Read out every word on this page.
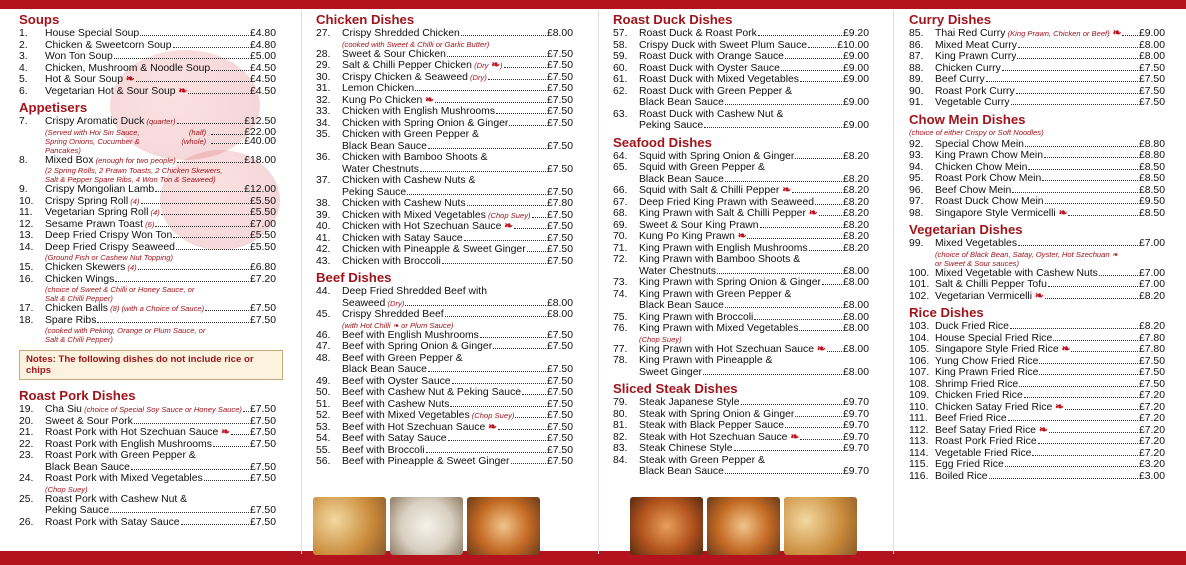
Soups
1.	House Special Soup	£4.80
2.	Chicken & Sweetcorn Soup	£4.80
3.	Won Ton Soup	£5.00
4.	Chicken, Mushroom & Noodle Soup	£4.50
5.	Hot & Sour Soup ❧	£4.50
6.	Vegetarian Hot & Sour Soup ❧	£4.50
Appetisers
7.	Crispy Aromatic Duck (quarter)	£12.50
(Served with Hoi Sin Sauce,	(half)	£22.00
Spring Onions, Cucumber &	(whole)	£40.00
Pancakes)
8.	Mixed Box (enough for two people)	£18.00
(2 Spring Rolls, 2 Prawn Toasts, 2 Chicken Skewers,
Salt & Pepper Spare Ribs, 4 Won Ton & Seaweed)
9.	Crispy Mongolian Lamb	£12.00
10.	Crispy Spring Roll (4)	£5.50
11.	Vegetarian Spring Roll (4)	£5.50
12.	Sesame Prawn Toast (6)	£7.00
13.	Deep Fried Crispy Won Ton	£5.50
14.	Deep Fried Crispy Seaweed	£5.50
(Ground Fish or Cashew Nut Topping)
15.	Chicken Skewers (4)	£6.80
16.	Chicken Wings	£7.20
(choice of Sweet & Chilli or Honey Sauce, or
Salt & Chilli Pepper)
17.	Chicken Balls (8) (with a Choice of Sauce)	£7.50
18.	Spare Ribs	£7.50
(cooked with Peking, Orange or Plum Sauce, or
Salt & Chilli Pepper)
Notes: The following dishes do not include rice or chips
Roast Pork Dishes
19.	Cha Siu (choice of Special Soy Sauce or Honey Sauce) £7.50
20.	Sweet & Sour Pork	£7.50
21.	Roast Pork with Hot Szechuan Sauce ❧ £7.50
22.	Roast Pork with English Mushrooms	£7.50
23.	Roast Pork with Green Pepper &
Black Bean Sauce	£7.50
24.	Roast Pork with Mixed Vegetables	£7.50
(Chop Suey)
25.	Roast Pork with Cashew Nut &
Peking Sauce	£7.50
26.	Roast Pork with Satay Sauce	£7.50
Chicken Dishes
27.	Crispy Shredded Chicken	£8.00
(cooked with Sweet & Chilli or Garlic Butter)
28.	Sweet & Sour Chicken	£7.50
29.	Salt & Chilli Pepper Chicken (Dry ❧)	£7.50
30.	Crispy Chicken & Seaweed (Dry)	£7.50
31.	Lemon Chicken	£7.50
32.	Kung Po Chicken ❧	£7.50
33.	Chicken with English Mushrooms	£7.50
34.	Chicken with Spring Onion & Ginger	£7.50
35.	Chicken with Green Pepper &
Black Bean Sauce	£7.50
36.	Chicken with Bamboo Shoots &
Water Chestnuts	£7.50
37.	Chicken with Cashew Nuts &
Peking Sauce	£7.50
38.	Chicken with Cashew Nuts	£7.80
39.	Chicken with Mixed Vegetables (Chop Suey) £7.50
40.	Chicken with Hot Szechuan Sauce ❧	£7.50
41.	Chicken with Satay Sauce	£7.50
42.	Chicken with Pineapple & Sweet Ginger £7.50
43.	Chicken with Broccoli	£7.50
Beef Dishes
44.	Deep Fried Shredded Beef with
Seaweed (Dry)	£8.00
45.	Crispy Shredded Beef	£8.00
(with Hot Chilli ❧ or Plum Sauce)
46.	Beef with English Mushrooms	£7.50
47.	Beef with Spring Onion & Ginger	£7.50
48.	Beef with Green Pepper &
Black Bean Sauce	£7.50
49.	Beef with Oyster Sauce	£7.50
50.	Beef with Cashew Nut & Peking Sauce £7.50
51.	Beef with Cashew Nuts	£7.50
52.	Beef with Mixed Vegetables (Chop Suey)	£7.50
53.	Beef with Hot Szechuan Sauce ❧	£7.50
54.	Beef with Satay Sauce	£7.50
55.	Beef with Broccoli	£7.50
56.	Beef with Pineapple & Sweet Ginger	£7.50
Roast Duck Dishes
57.	Roast Duck & Roast Pork	£9.20
58.	Crispy Duck with Sweet Plum Sauce	£10.00
59.	Roast Duck with Orange Sauce	£9.00
60.	Roast Duck with Oyster Sauce	£9.00
61.	Roast Duck with Mixed Vegetables	£9.00
62.	Roast Duck with Green Pepper &
Black Bean Sauce	£9.00
63.	Roast Duck with Cashew Nut &
Peking Sauce	£9.00
Seafood Dishes
64.	Squid with Spring Onion & Ginger	£8.20
65.	Squid with Green Pepper &
Black Bean Sauce	£8.20
66.	Squid with Salt & Chilli Pepper ❧	£8.20
67.	Deep Fried King Prawn with Seaweed	£8.20
68.	King Prawn with Salt & Chilli Pepper ❧ £8.20
69.	Sweet & Sour King Prawn	£8.20
70.	Kung Po King Prawn ❧	£8.20
71.	King Prawn with English Mushrooms	£8.20
72.	King Prawn with Bamboo Shoots &
Water Chestnuts	£8.00
73.	King Prawn with Spring Onion & Ginger £8.00
74.	King Prawn with Green Pepper &
Black Bean Sauce	£8.00
75.	King Prawn with Broccoli	£8.00
76.	King Prawn with Mixed Vegetables	£8.00
(Chop Suey)
77.	King Prawn with Hot Szechuan Sauce ❧ £8.00
78.	King Prawn with Pineapple &
Sweet Ginger	£8.00
Sliced Steak Dishes
79.	Steak Japanese Style	£9.70
80.	Steak with Spring Onion & Ginger	£9.70
81.	Steak with Black Pepper Sauce	£9.70
82.	Steak with Hot Szechuan Sauce ❧	£9.70
83.	Steak Chinese Style	£9.70
84.	Steak with Green Pepper &
Black Bean Sauce	£9.70
Curry Dishes
85.	Thai Red Curry (King Prawn, Chicken or Beef) ❧ £9.00
86.	Mixed Meat Curry	£8.00
87.	King Prawn Curry	£8.00
88.	Chicken Curry	£7.50
89.	Beef Curry	£7.50
90.	Roast Pork Curry	£7.50
91.	Vegetable Curry	£7.50
Chow Mein Dishes
(choice of either Crispy or Soft Noodles)
92.	Special Chow Mein	£8.80
93.	King Prawn Chow Mein	£8.80
94.	Chicken Chow Mein	£8.50
95.	Roast Pork Chow Mein	£8.50
96.	Beef Chow Mein	£8.50
97.	Roast Duck Chow Mein	£9.50
98.	Singapore Style Vermicelli ❧	£8.50
Vegetarian Dishes
99.	Mixed Vegetables	£7.00
(choice of Black Bean, Satay, Oyster, Hot Szechuan ❧
or Sweet & Sour sauces)
100. Mixed Vegetable with Cashew Nuts	£7.00
101. Salt & Chilli Pepper Tofu	£7.00
102. Vegetarian Vermicelli ❧	£8.20
Rice Dishes
103. Duck Fried Rice	£8.20
104. House Special Fried Rice	£7.80
105. Singapore Style Fried Rice ❧	£7.80
106. Yung Chow Fried Rice	£7.50
107. King Prawn Fried Rice	£7.50
108. Shrimp Fried Rice	£7.50
109. Chicken Fried Rice	£7.20
110. Chicken Satay Fried Rice ❧	£7.20
111. Beef Fried Rice	£7.20
112. Beef Satay Fried Rice ❧	£7.20
113. Roast Pork Fried Rice	£7.20
114. Vegetable Fried Rice	£7.20
115. Egg Fried Rice	£3.20
116. Boiled Rice	£3.00
